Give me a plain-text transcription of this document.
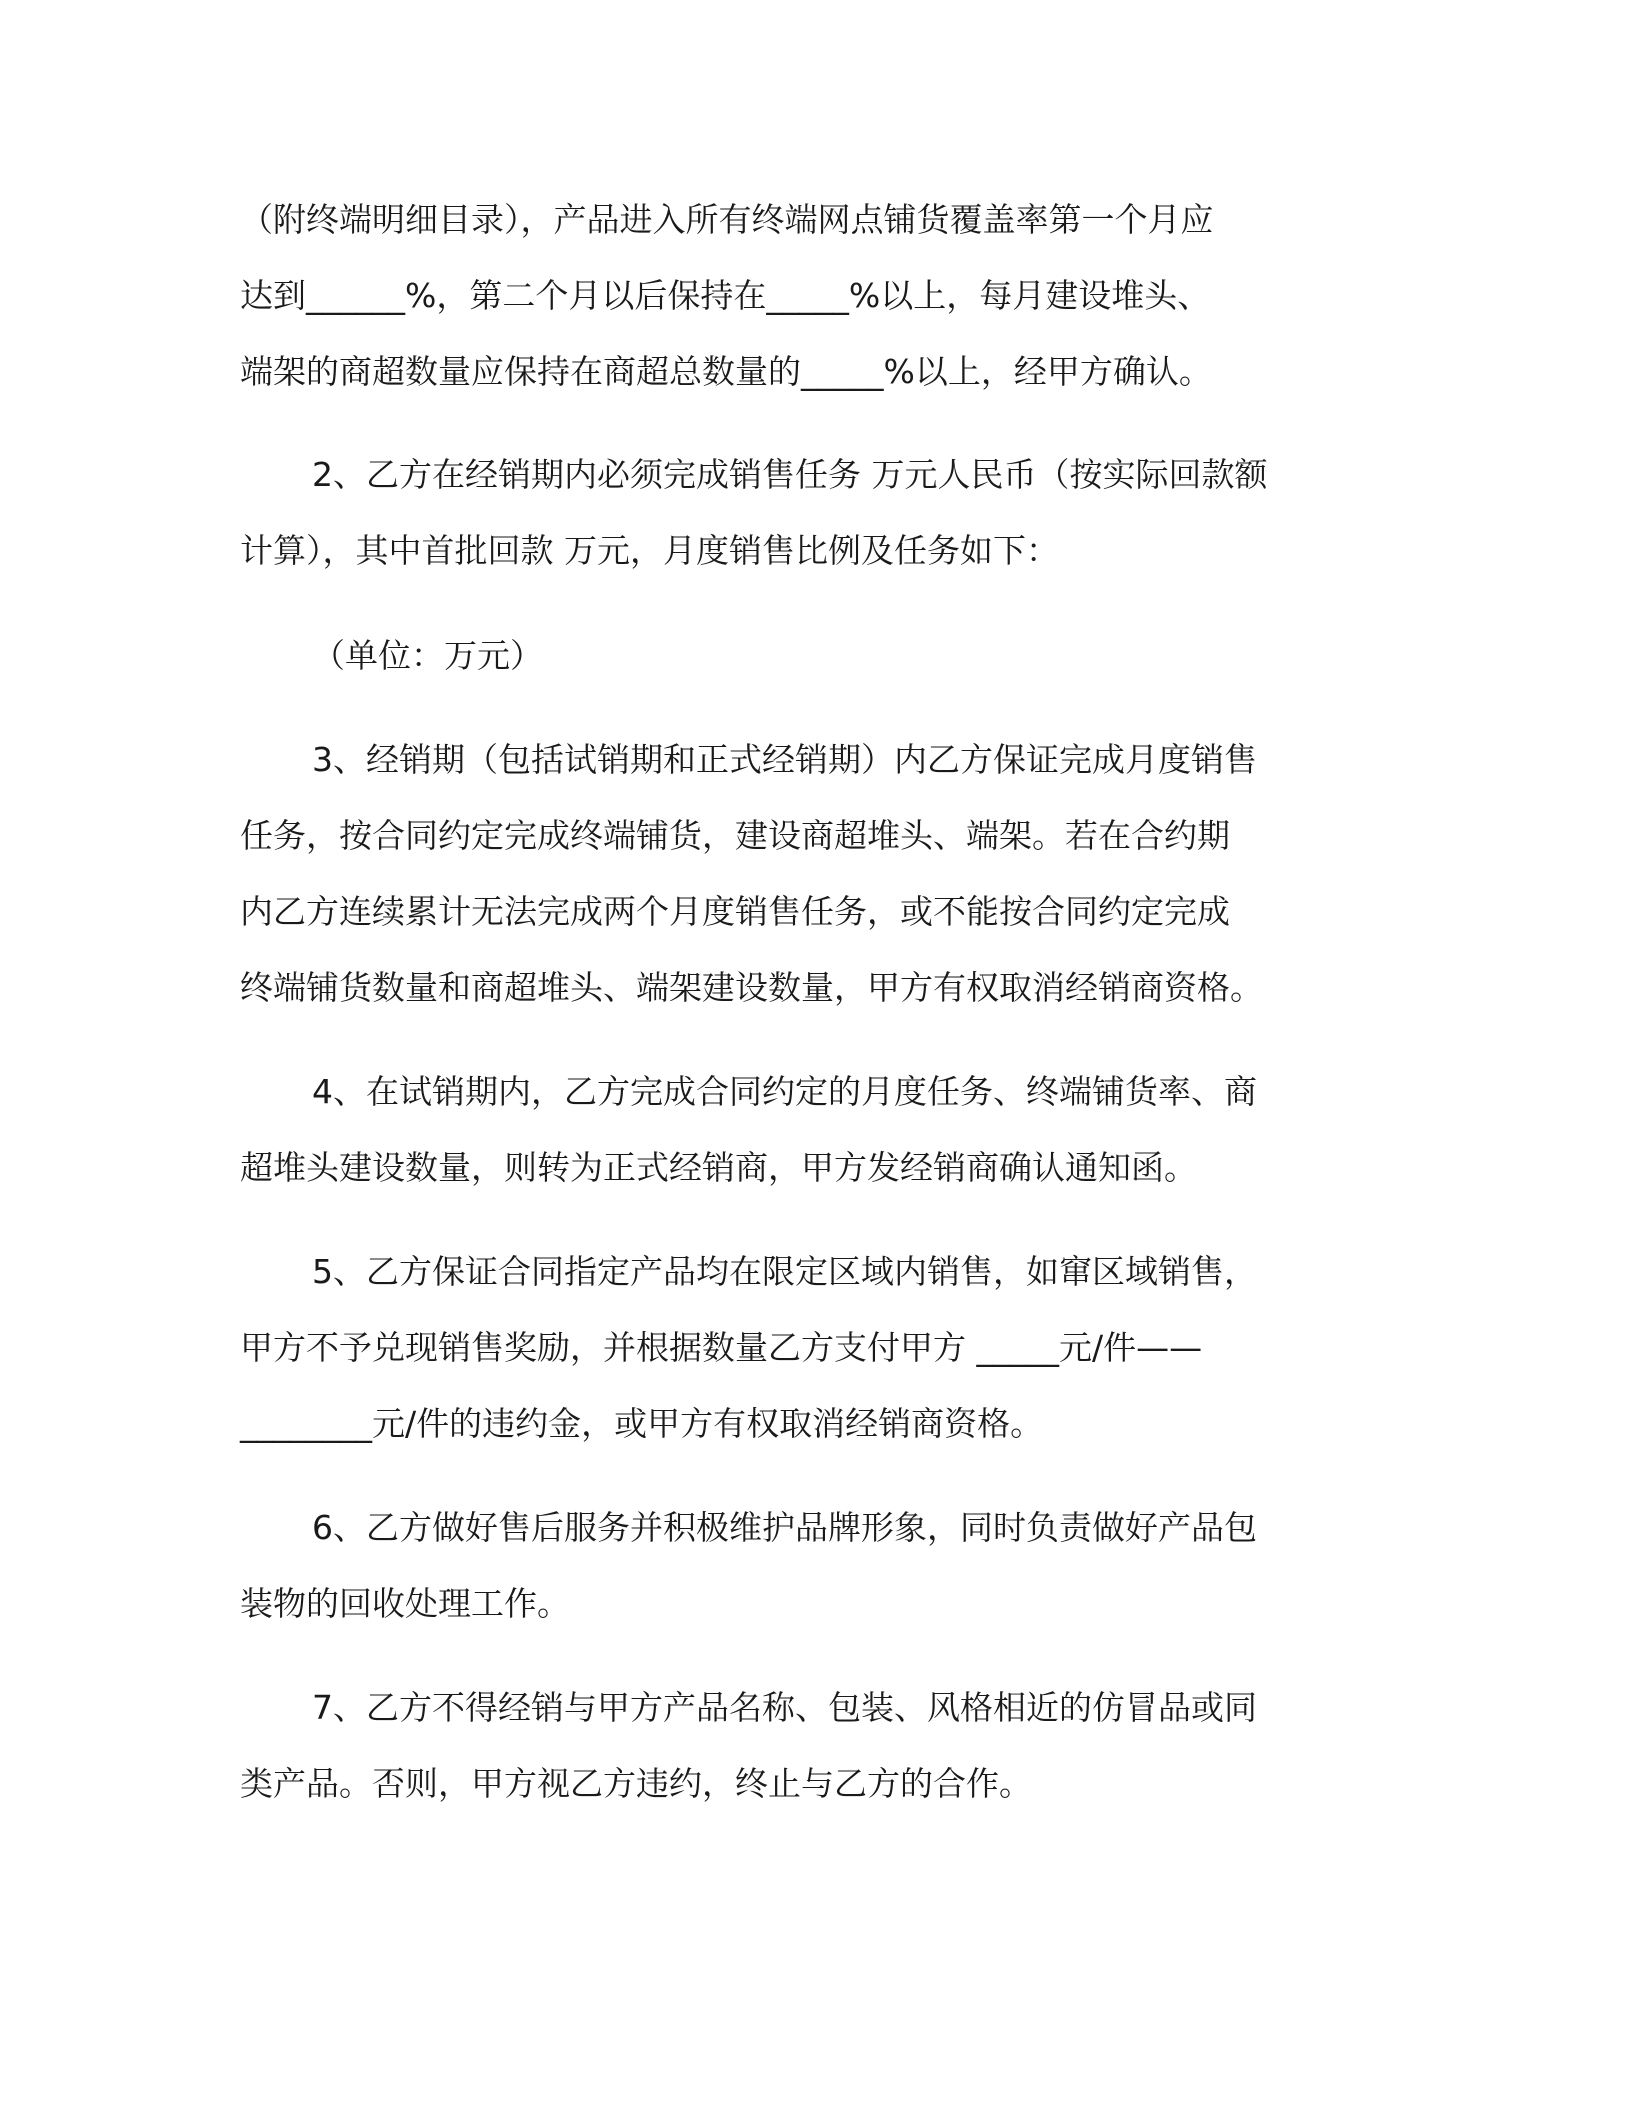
（附终端明细目录），产品进入所有终端网点铺货覆盖率第一个月应
达到______%，第二个月以后保持在_____%以上，每月建设堆头、
端架的商超数量应保持在商超总数量的_____%以上，经甲方确认。
2、乙方在经销期内必须完成销售任务 万元人民币（按实际回款额
计算），其中首批回款 万元，月度销售比例及任务如下：
（单位：万元）
3、经销期（包括试销期和正式经销期）内乙方保证完成月度销售
任务，按合同约定完成终端铺货，建设商超堆头、端架。若在合约期
内乙方连续累计无法完成两个月度销售任务，或不能按合同约定完成
终端铺货数量和商超堆头、端架建设数量，甲方有权取消经销商资格。
4、在试销期内，乙方完成合同约定的月度任务、终端铺货率、商
超堆头建设数量，则转为正式经销商，甲方发经销商确认通知函。
5、乙方保证合同指定产品均在限定区域内销售，如窜区域销售，
甲方不予兑现销售奖励，并根据数量乙方支付甲方 _____元/件——
________元/件的违约金，或甲方有权取消经销商资格。
6、乙方做好售后服务并积极维护品牌形象，同时负责做好产品包
装物的回收处理工作。
7、乙方不得经销与甲方产品名称、包装、风格相近的仿冒品或同
类产品。否则，甲方视乙方违约，终止与乙方的合作。
